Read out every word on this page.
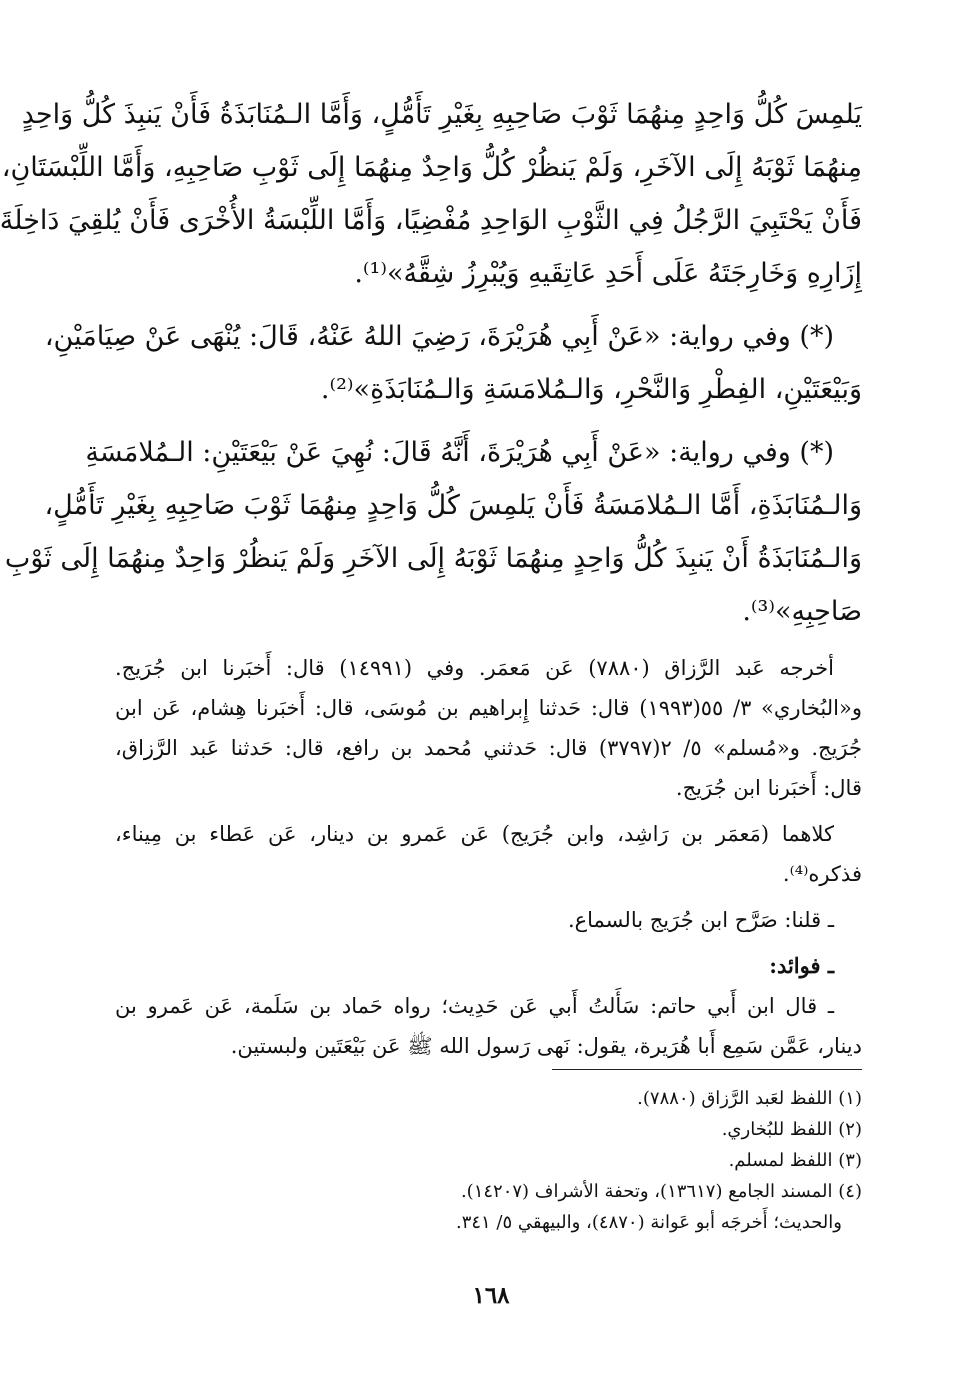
يَلمِسَ كُلُّ وَاحِدٍ مِنهُمَا ثَوْبَ صَاحِبِهِ بِغَيْرِ تَأَمُّلٍ، وَأَمَّا الـمُنَابَذَةُ فَأَنْ يَنبِذَ كُلُّ وَاحِدٍ
مِنهُمَا ثَوْبَهُ إِلَى الآخَرِ، وَلَمْ يَنظُرْ كُلُّ وَاحِدٌ مِنهُمَا إِلَى ثَوْبِ صَاحِبِهِ، وَأَمَّا اللِّبْسَتَانِ،
فَأَنْ يَحْتَبِيَ الرَّجُلُ فِي الثَّوْبِ الوَاحِدِ مُفْضِيًا، وَأَمَّا اللِّبْسَةُ الأُخْرَى فَأَنْ يُلقِيَ دَاخِلَةَ
إِزَارِهِ وَخَارِجَتَهُ عَلَى أَحَدِ عَاتِقَيهِ وَيُبْرِزُ شِقَّهُ»⁽¹⁾.
(*) وفي رواية: «عَنْ أَبِي هُرَيْرَةَ، رَضِيَ اللهُ عَنْهُ، قَالَ: يُنْهَى عَنْ صِيَامَيْنِ،
وَبَيْعَتَيْنِ، الفِطْرِ وَالنَّحْرِ، وَالـمُلامَسَةِ وَالـمُنَابَذَةِ»⁽²⁾.
(*) وفي رواية: «عَنْ أَبِي هُرَيْرَةَ، أَنَّهُ قَالَ: نُهِيَ عَنْ بَيْعَتَيْنِ: الـمُلامَسَةِ
وَالـمُنَابَذَةِ، أَمَّا الـمُلامَسَةُ فَأَنْ يَلمِسَ كُلُّ وَاحِدٍ مِنهُمَا ثَوْبَ صَاحِبِهِ بِغَيْرِ تَأَمُّلٍ،
وَالـمُنَابَذَةُ أَنْ يَنبِذَ كُلُّ وَاحِدٍ مِنهُمَا ثَوْبَهُ إِلَى الآخَرِ وَلَمْ يَنظُرْ وَاحِدٌ مِنهُمَا إِلَى ثَوْبِ
صَاحِبِهِ»⁽³⁾.
أخرجه عَبد الرَّزاق (٧٨٨٠) عَن مَعمَر. وفي (١٤٩٩١) قال: أَخبَرنا ابن جُرَيج.
و«البُخاري» ٣/ ٥٥(١٩٩٣) قال: حَدثنا إِبراهيم بن مُوسَى، قال: أَخبَرنا هِشام، عَن ابن
جُرَيج. و«مُسلم» ٥/ ٢(٣٧٩٧) قال: حَدثني مُحمد بن رافع، قال: حَدثنا عَبد الرَّزاق،
قال: أَخبَرنا ابن جُرَيج.
كلاهما (مَعمَر بن رَاشِد، وابن جُرَيج) عَن عَمرو بن دينار، عَن عَطاء بن مِيناء،
فذكره⁽⁴⁾.
ـ قلنا: صَرَّح ابن جُرَيج بالسماع.
ـ فوائد:
ـ قال ابن أَبي حاتم: سَأَلتُ أَبي عَن حَدِيث؛ رواه حَماد بن سَلَمة، عَن عَمرو بن
دينار، عَمَّن سَمِع أَبا هُرَيرة، يقول: نَهى رَسول الله ﷺ عَن بَيْعَتَين ولبستين.
(١) اللفظ لعَبد الرَّزاق (٧٨٨٠).
(٢) اللفظ للبُخاري.
(٣) اللفظ لمسلم.
(٤) المسند الجامع (١٣٦١٧)، وتحفة الأشراف (١٤٢٠٧).
والحديث؛ أَخرجَه أبو عَوانة (٤٨٧٠)، والبيهقي ٥/ ٣٤١.
١٦٨
